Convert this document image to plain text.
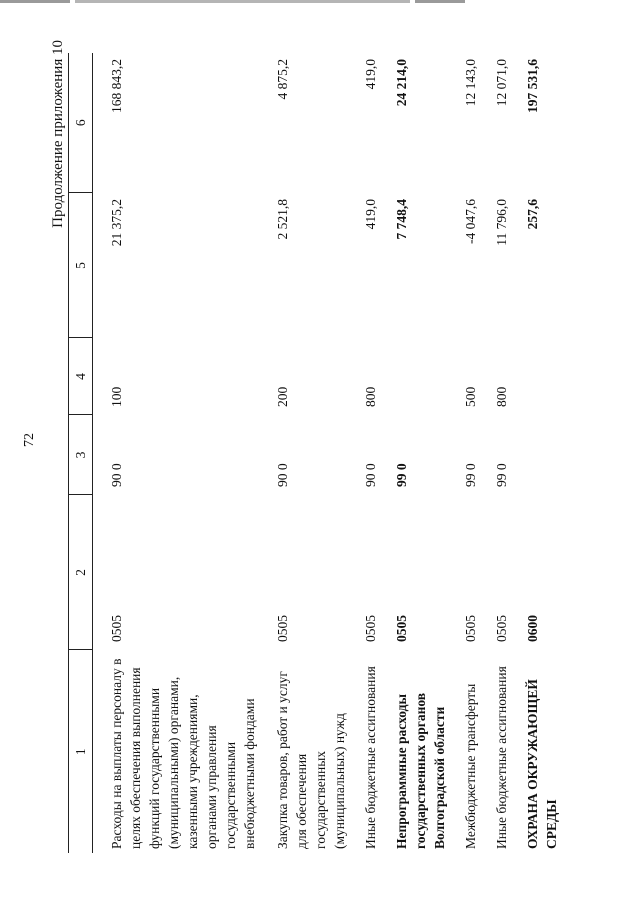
72
Продолжение приложения 10
1	2	3	4	5	6
Расходы на выплаты персоналу в целях обеспечения выполнения функций государственными (муниципальными) органами, казенными учреждениями, органами управления государственными внебюджетными фондами	0505	90 0	100	21 375,2	168 843,2
Закупка товаров, работ и услуг для обеспечения государственных (муниципальных) нужд	0505	90 0	200	2 521,8	4 875,2
Иные бюджетные ассигнования	0505	90 0	800	419,0	419,0
Непрограммные расходы государственных органов Волгоградской области	0505	99 0		7 748,4	24 214,0
Межбюджетные трансферты	0505	99 0	500	-4 047,6	12 143,0
Иные бюджетные ассигнования	0505	99 0	800	11 796,0	12 071,0
ОХРАНА ОКРУЖАЮЩЕЙ СРЕДЫ	0600			257,6	197 531,6
